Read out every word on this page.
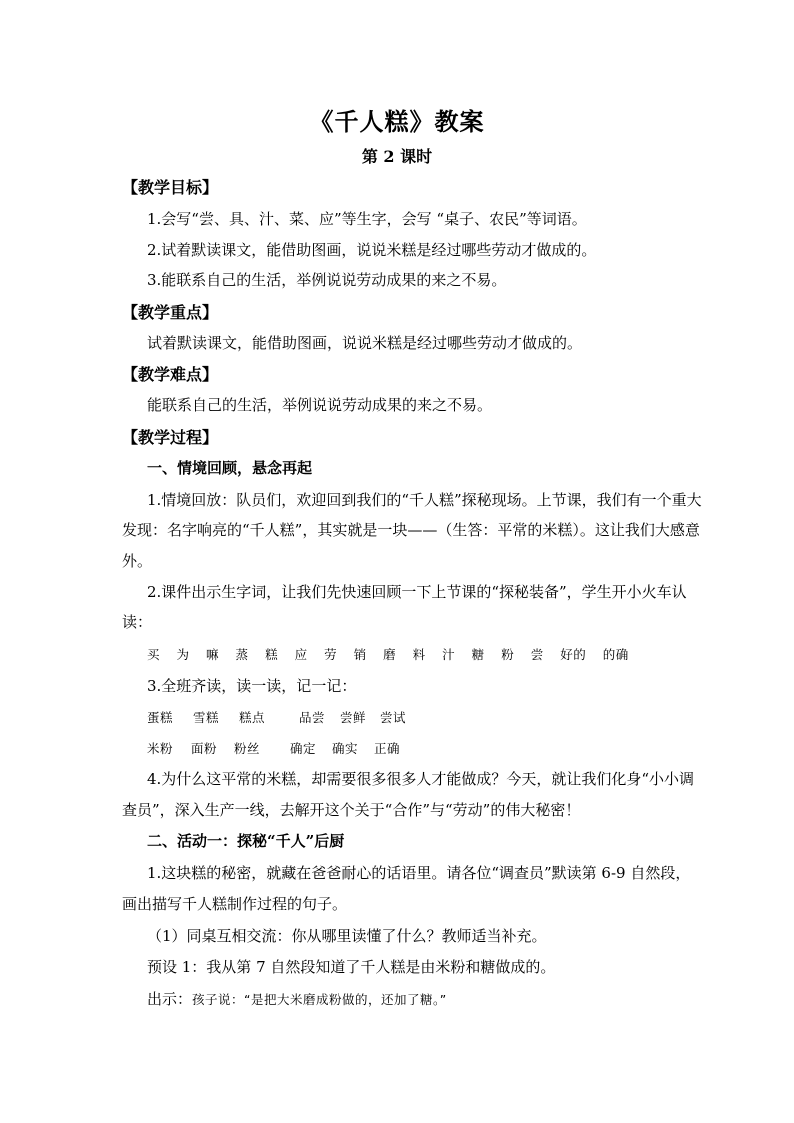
《千人糕》教案
第 2 课时
【教学目标】
1.会写“尝、具、汁、菜、应”等生字，会写 “桌子、农民”等词语。
2.试着默读课文，能借助图画，说说米糕是经过哪些劳动才做成的。
3.能联系自己的生活，举例说说劳动成果的来之不易。
【教学重点】
试着默读课文，能借助图画，说说米糕是经过哪些劳动才做成的。
【教学难点】
能联系自己的生活，举例说说劳动成果的来之不易。
【教学过程】
一、情境回顾，悬念再起
1.情境回放：队员们，欢迎回到我们的“千人糕”探秘现场。上节课，我们有一个重大
发现：名字响亮的“千人糕”，其实就是一块——（生答：平常的米糕）。这让我们大感意
外。
2.课件出示生字词，让我们先快速回顾一下上节课的“探秘装备”，学生开小火车认
读：
买 为 嘛 蒸 糕 应 劳 销 磨 料 汁 糖 粉 尝 好的 的确
3.全班齐读，读一读，记一记：
蛋糕 雪糕 糕点	品尝 尝鲜 尝试
米粉 面粉 粉丝 确定 确实 正确
4.为什么这平常的米糕，却需要很多很多人才能做成？今天，就让我们化身“小小调
查员”，深入生产一线，去解开这个关于“合作”与“劳动”的伟大秘密！
二、活动一：探秘“千人”后厨
1.这块糕的秘密，就藏在爸爸耐心的话语里。请各位“调查员”默读第 6-9 自然段，
画出描写千人糕制作过程的句子。
（1）同桌互相交流：你从哪里读懂了什么？教师适当补充。
预设 1：我从第 7 自然段知道了千人糕是由米粉和糖做成的。
出示：孩子说：“是把大米磨成粉做的，还加了糖。”
